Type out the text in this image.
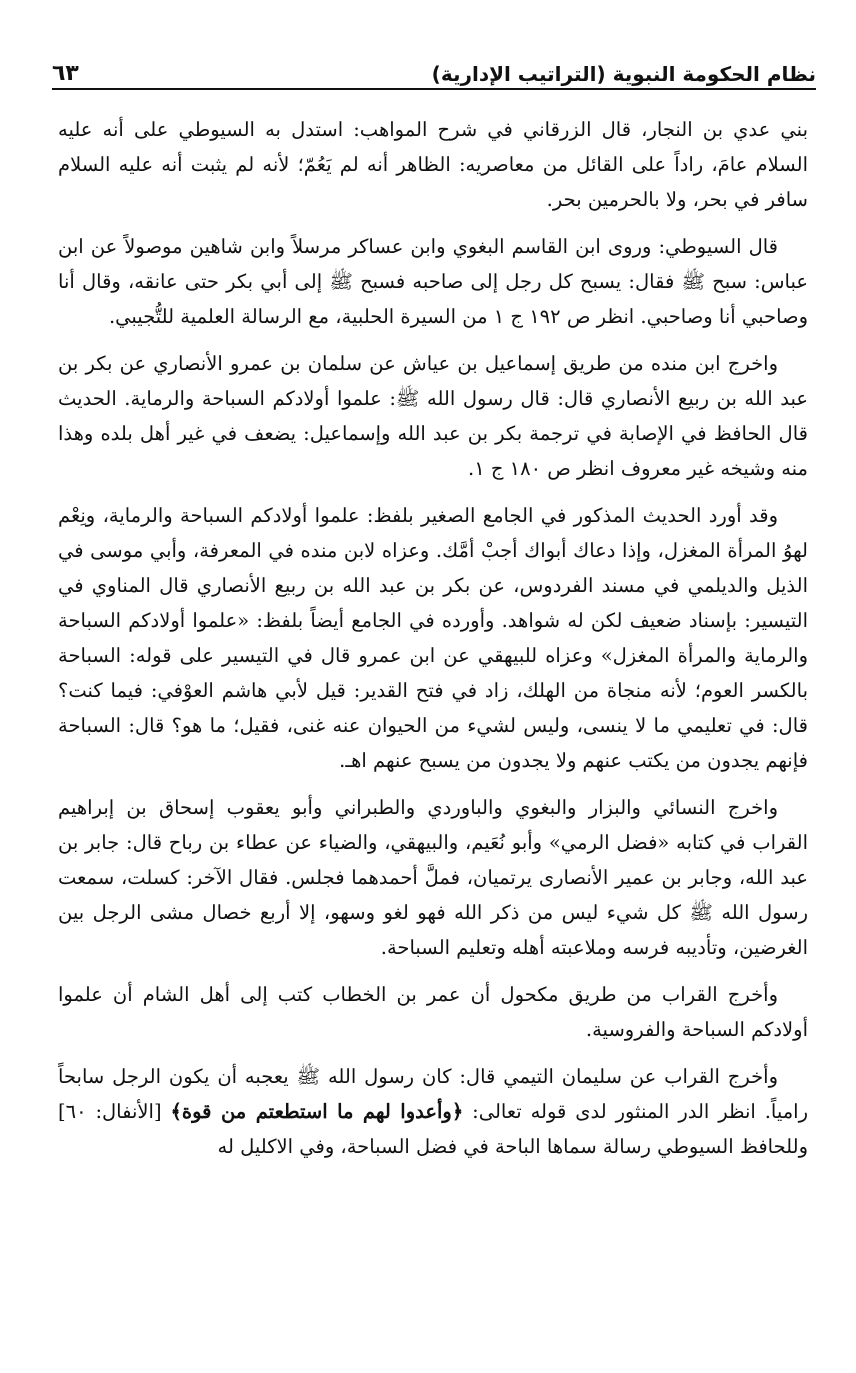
نظام الحكومة النبوية (التراتيب الإدارية)
٦٣

بني عدي بن النجار، قال الزرقاني في شرح المواهب: استدل به السيوطي على أنه عليه السلام عامَ، راداً على القائل من معاصريه: الظاهر أنه لم يَعُمّ؛ لأنه لم يثبت أنه عليه السلام سافر في بحر، ولا بالحرمين بحر.

قال السيوطي: وروى ابن القاسم البغوي وابن عساكر مرسلاً وابن شاهين موصولاً عن ابن عباس: سبح ﷺ فقال: يسبح كل رجل إلى صاحبه فسبح ﷺ إلى أبي بكر حتى عانقه، وقال أنا وصاحبي أنا وصاحبي. انظر ص ١٩٢ ج ١ من السيرة الحلبية، مع الرسالة العلمية للتُّجيبي.

واخرج ابن منده من طريق إسماعيل بن عياش عن سلمان بن عمرو الأنصاري عن بكر بن عبد الله بن ربيع الأنصاري قال: قال رسول الله ﷺ: علموا أولادكم السباحة والرماية. الحديث قال الحافظ في الإصابة في ترجمة بكر بن عبد الله وإسماعيل: يضعف في غير أهل بلده وهذا منه وشيخه غير معروف انظر ص ١٨٠ ج ١.

وقد أورد الحديث المذكور في الجامع الصغير بلفظ: علموا أولادكم السباحة والرماية، ونِعْم لهوُ المرأة المغزل، وإذا دعاك أبواك أجبْ أمَّك. وعزاه لابن منده في المعرفة، وأبي موسى في الذيل والديلمي في مسند الفردوس، عن بكر بن عبد الله بن ربيع الأنصاري قال المناوي في التيسير: بإسناد ضعيف لكن له شواهد. وأورده في الجامع أيضاً بلفظ: «علموا أولادكم السباحة والرماية والمرأة المغزل» وعزاه للبيهقي عن ابن عمرو قال في التيسير على قوله: السباحة بالكسر العوم؛ لأنه منجاة من الهلك، زاد في فتح القدير: قيل لأبي هاشم العوْفي: فيما كنت؟ قال: في تعليمي ما لا ينسى، وليس لشيء من الحيوان عنه غنى، فقيل؛ ما هو؟ قال: السباحة فإنهم يجدون من يكتب عنهم ولا يجدون من يسبح عنهم اهـ.

واخرج النسائي والبزار والبغوي والباوردي والطبراني وأبو يعقوب إسحاق بن إبراهيم القراب في كتابه «فضل الرمي» وأبو نُعَيم، والبيهقي، والضياء عن عطاء بن رباح قال: جابر بن عبد الله، وجابر بن عمير الأنصارى يرتميان، فملَّ أحمدهما فجلس. فقال الآخر: كسلت، سمعت رسول الله ﷺ كل شيء ليس من ذكر الله فهو لغو وسهو، إلا أربع خصال مشى الرجل بين الغرضين، وتأديبه فرسه وملاعبته أهله وتعليم السباحة.

وأخرج القراب من طريق مكحول أن عمر بن الخطاب كتب إلى أهل الشام أن علموا أولادكم السباحة والفروسية.

وأخرج القراب عن سليمان التيمي قال: كان رسول الله ﷺ يعجبه أن يكون الرجل سابحاً رامياً. انظر الدر المنثور لدى قوله تعالى: ﴿وأعدوا لهم ما استطعتم من قوة﴾ [الأنفال: ٦٠] وللحافظ السيوطي رسالة سماها الباحة في فضل السباحة، وفي الاكليل له
